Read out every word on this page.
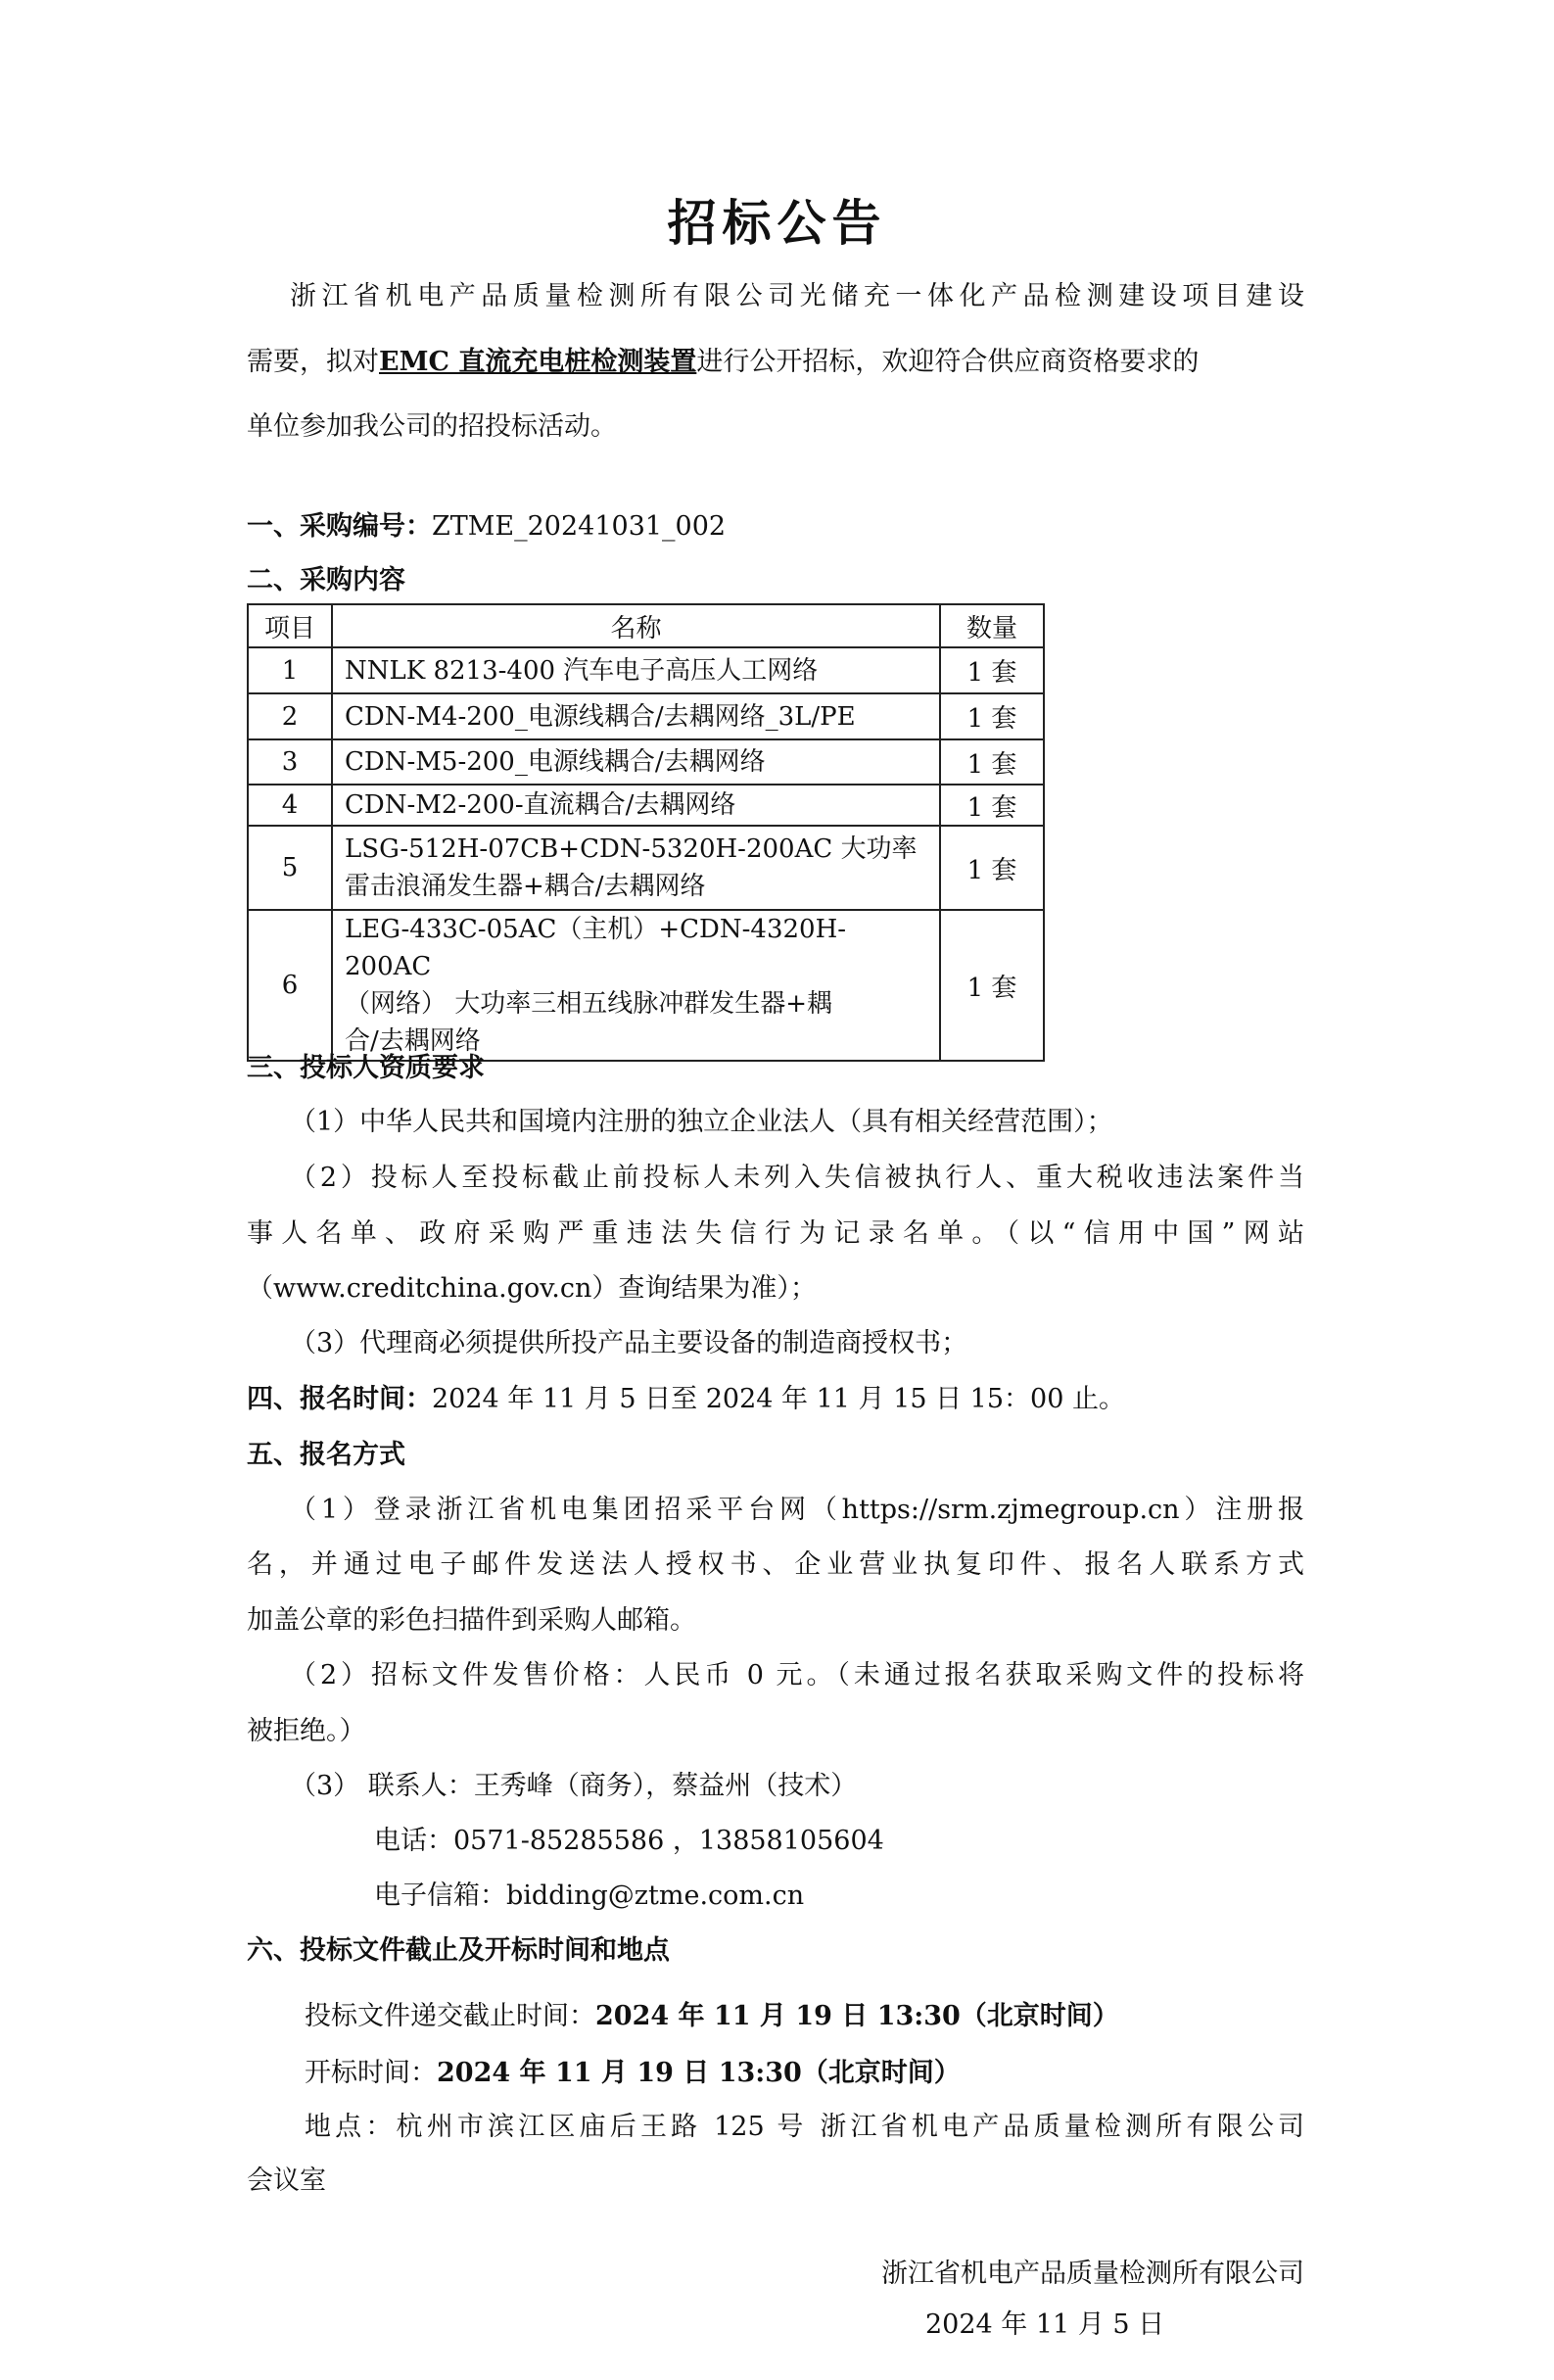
招标公告
浙江省机电产品质量检测所有限公司光储充一体化产品检测建设项目建设
需要，拟对EMC 直流充电桩检测装置进行公开招标，欢迎符合供应商资格要求的
单位参加我公司的招投标活动。
一、采购编号：ZTME_20241031_002
二、采购内容
项目	名称	数量
1	NNLK 8213-400 汽车电子高压人工网络	1 套
2	CDN-M4-200_电源线耦合/去耦网络_3L/PE	1 套
3	CDN-M5-200_电源线耦合/去耦网络	1 套
4	CDN-M2-200-直流耦合/去耦网络	1 套
5	LSG-512H-07CB+CDN-5320H-200AC 大功率
雷击浪涌发生器+耦合/去耦网络	1 套
6	LEG-433C-05AC（主机）+CDN-4320H-200AC
（网络） 大功率三相五线脉冲群发生器+耦
合/去耦网络	1 套
三、投标人资质要求
（1）中华人民共和国境内注册的独立企业法人（具有相关经营范围）；
（2）投标人至投标截止前投标人未列入失信被执行人、重大税收违法案件当
事人名单、政府采购严重违法失信行为记录名单。（以“信用中国”网站
（www.creditchina.gov.cn）查询结果为准）；
（3）代理商必须提供所投产品主要设备的制造商授权书；
四、报名时间：2024 年 11 月 5 日至 2024 年 11 月 15 日 15：00 止。
五、报名方式
（1）登录浙江省机电集团招采平台网（https://srm.zjmegroup.cn）注册报
名，并通过电子邮件发送法人授权书、企业营业执复印件、报名人联系方式
加盖公章的彩色扫描件到采购人邮箱。
（2）招标文件发售价格：人民币 0 元。（未通过报名获取采购文件的投标将
被拒绝。）
（3） 联系人：王秀峰（商务），蔡益州（技术）
电话：0571-85285586 ，13858105604
电子信箱：bidding@ztme.com.cn
六、投标文件截止及开标时间和地点
投标文件递交截止时间：2024 年 11 月 19 日 13:30（北京时间）
开标时间：2024 年 11 月 19 日 13:30（北京时间）
地点：杭州市滨江区庙后王路 125 号 浙江省机电产品质量检测所有限公司
会议室
浙江省机电产品质量检测所有限公司
2024 年 11 月 5 日
